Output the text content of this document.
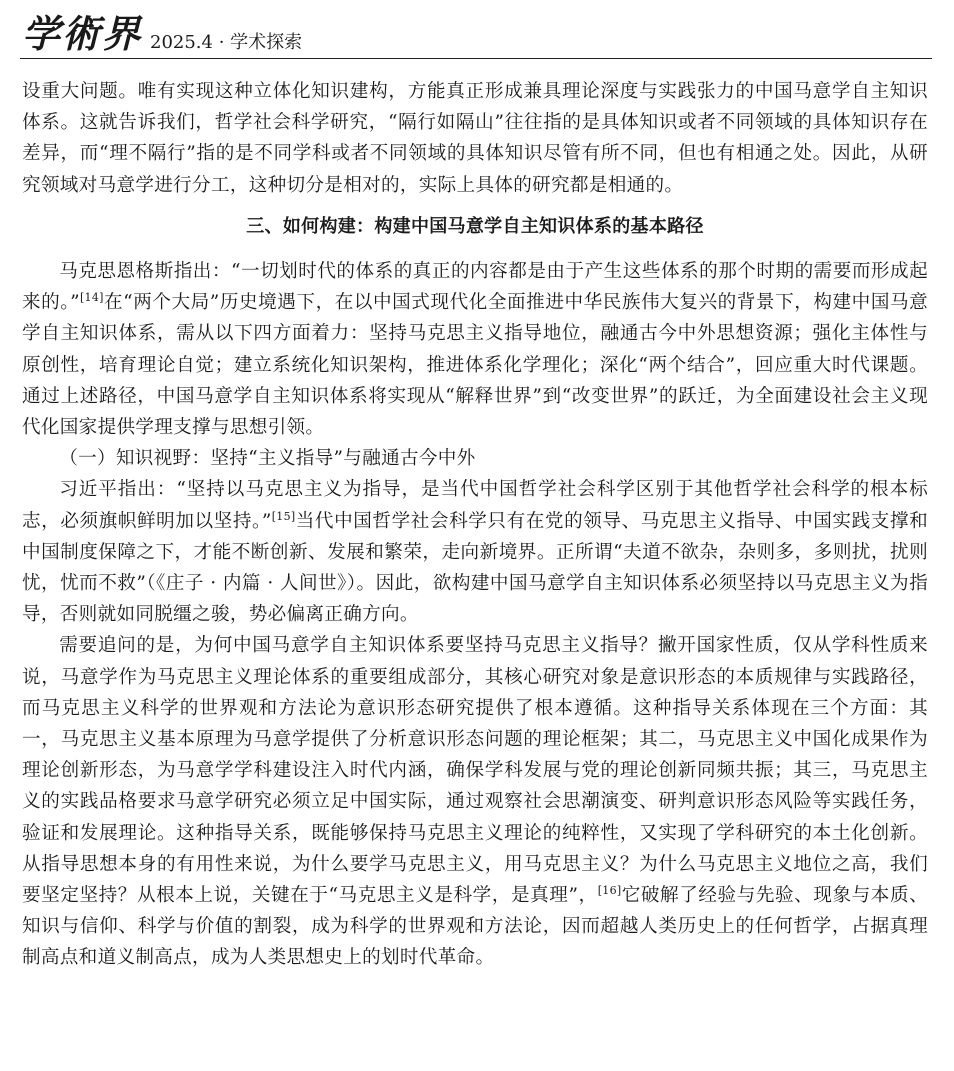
学術界 2025.4 · 学术探索

设重大问题。唯有实现这种立体化知识建构，方能真正形成兼具理论深度与实践张力的中国马意学自主知识体系。这就告诉我们，哲学社会科学研究，“隔行如隔山”往往指的是具体知识或者不同领域的具体知识存在差异，而“理不隔行”指的是不同学科或者不同领域的具体知识尽管有所不同，但也有相通之处。因此，从研究领域对马意学进行分工，这种切分是相对的，实际上具体的研究都是相通的。

三、如何构建：构建中国马意学自主知识体系的基本路径

马克思恩格斯指出：“一切划时代的体系的真正的内容都是由于产生这些体系的那个时期的需要而形成起来的。”[14]在“两个大局”历史境遇下，在以中国式现代化全面推进中华民族伟大复兴的背景下，构建中国马意学自主知识体系，需从以下四方面着力：坚持马克思主义指导地位，融通古今中外思想资源；强化主体性与原创性，培育理论自觉；建立系统化知识架构，推进体系化学理化；深化“两个结合”，回应重大时代课题。通过上述路径，中国马意学自主知识体系将实现从“解释世界”到“改变世界”的跃迁，为全面建设社会主义现代化国家提供学理支撑与思想引领。

（一）知识视野：坚持“主义指导”与融通古今中外

习近平指出：“坚持以马克思主义为指导，是当代中国哲学社会科学区别于其他哲学社会科学的根本标志，必须旗帜鲜明加以坚持。”[15]当代中国哲学社会科学只有在党的领导、马克思主义指导、中国实践支撑和中国制度保障之下，才能不断创新、发展和繁荣，走向新境界。正所谓“夫道不欲杂，杂则多，多则扰，扰则忧，忧而不救”（《庄子 · 内篇 · 人间世》）。因此，欲构建中国马意学自主知识体系必须坚持以马克思主义为指导，否则就如同脱缰之骏，势必偏离正确方向。

需要追问的是，为何中国马意学自主知识体系要坚持马克思主义指导？撇开国家性质，仅从学科性质来说，马意学作为马克思主义理论体系的重要组成部分，其核心研究对象是意识形态的本质规律与实践路径，而马克思主义科学的世界观和方法论为意识形态研究提供了根本遵循。这种指导关系体现在三个方面：其一，马克思主义基本原理为马意学提供了分析意识形态问题的理论框架；其二，马克思主义中国化成果作为理论创新形态，为马意学学科建设注入时代内涵，确保学科发展与党的理论创新同频共振；其三，马克思主义的实践品格要求马意学研究必须立足中国实际，通过观察社会思潮演变、研判意识形态风险等实践任务，验证和发展理论。这种指导关系，既能够保持马克思主义理论的纯粹性，又实现了学科研究的本土化创新。从指导思想本身的有用性来说，为什么要学马克思主义，用马克思主义？为什么马克思主义地位之高，我们要坚定坚持？从根本上说，关键在于“马克思主义是科学，是真理”，[16]它破解了经验与先验、现象与本质、知识与信仰、科学与价值的割裂，成为科学的世界观和方法论，因而超越人类历史上的任何哲学，占据真理制高点和道义制高点，成为人类思想史上的划时代革命。
